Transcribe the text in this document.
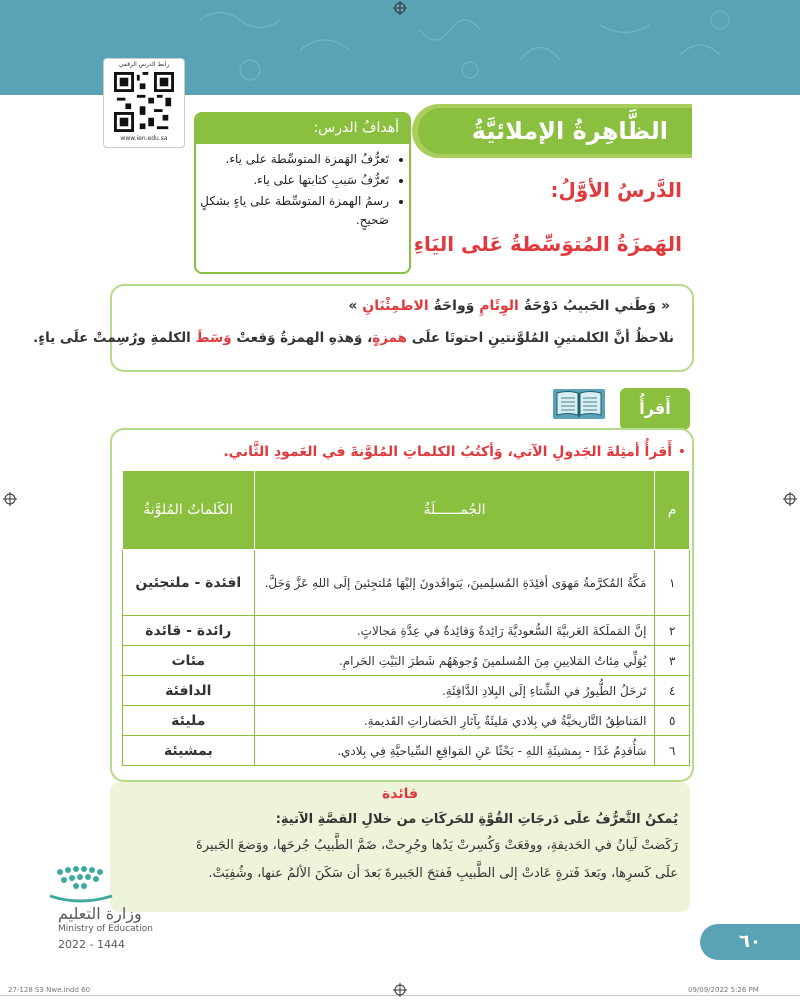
رابط الدرس الرقمي
www.ien.edu.sa	الظَّاهِرةُ الإملائيَّةُ
الدَّرسُ الأوَّلُ:
الهَمزَةُ المُتوَسِّطةُ عَلى اليَاءِ
أهدافُ الدرس:
• تَعرُّفُ الهَمزة المتوسِّطة على ياء.
• تَعرُّفُ سَببِ كتابتها على ياء.
• رسمُ الهمزة المتوسِّطة على ياءٍ بشكلٍ صَحيحٍ.
« وَطَني الحَبيبُ دَوْحَةُ الوِئَامِ وَواحَةُ الاطمِئْنَانِ »
نلاحظُ أنَّ الكلمتينِ المُلوَّنتينِ احتوتَا علَى همزةٍ، وَهذهِ الهمزةُ وَقعتْ وَسَطَ الكلمةِ ورُسِمتْ علَى ياءٍ.
أَقرأُ
•
أَقرأُ أمثِلةَ الجَدولِ الآتي، وَأكتُبُ الكلماتِ المُلوَّنةَ في العَمودِ الثَّاني.
م	الجُمــــــلَةُ	الكَلماتُ المُلوَّنةُ
١	مَكَّةُ المُكرَّمةُ مَهوَى أفئِدَةِ المُسلِمينَ، يَتوافَدونَ إليْهَا مُلتجِئينَ إلَى اللهِ عَزَّ وَجَلَّ.	افئدة - ملتجئين
٢	إنَّ المَملَكةَ العَربيَّةَ السُّعوديَّةَ رَائِدةٌ وَقائِدةٌ في عِدَّةِ مَجالاتٍ.	رائدة - قائدة
٣	يُوَلِّي مِئاتُ المَلايينِ مِنَ المُسلمينَ وُجوهَهُم شَطرَ البَيْتِ الحَرامِ.	مئات
٤	تَرحَلُ الطُّيورُ في الشِّتاءِ إلَى البِلادِ الدَّافِئَةِ.	الدافئة
٥	المَناطِقُ التَّاريخيَّةُ في بِلادي مَليئَةٌ بِآثارِ الحَضاراتِ القَديمةِ.	مليئة
٦	سَأُقدِمُ غَدًا - بِمشيئَةِ اللهِ - بَحْثًا عَنِ المَواقِعِ السِّياحيَّةِ فِي بِلادي.	بمشيئة
فائدة
يُمكنُ التَّعرُّفُ علَى دَرجَاتِ القُوَّةِ للحَركَاتِ من خلالِ القصَّةِ الآتيةِ:
رَكَضتْ لَيانُ في الحَديقةِ، ووقعَتْ وَكُسِرتْ يَدُها وجُرِحتْ، ضَمَّ الطَّبيبُ جُرحَها، ووَضعَ الجَبيرةَ
علَى كَسرِها، وبَعدَ فَترةٍ عَادتْ إلى الطَّبيبِ فَفتحَ الجَبيرةَ بَعدَ أن سَكَنَ الألمُ عنها، وشُفِيَتْ.
وزارة التعليم
Ministry of Education
2022 - 1444	٦٠
27-128 S3 Nwe.indd 60	09/09/2022 5:26 PM
